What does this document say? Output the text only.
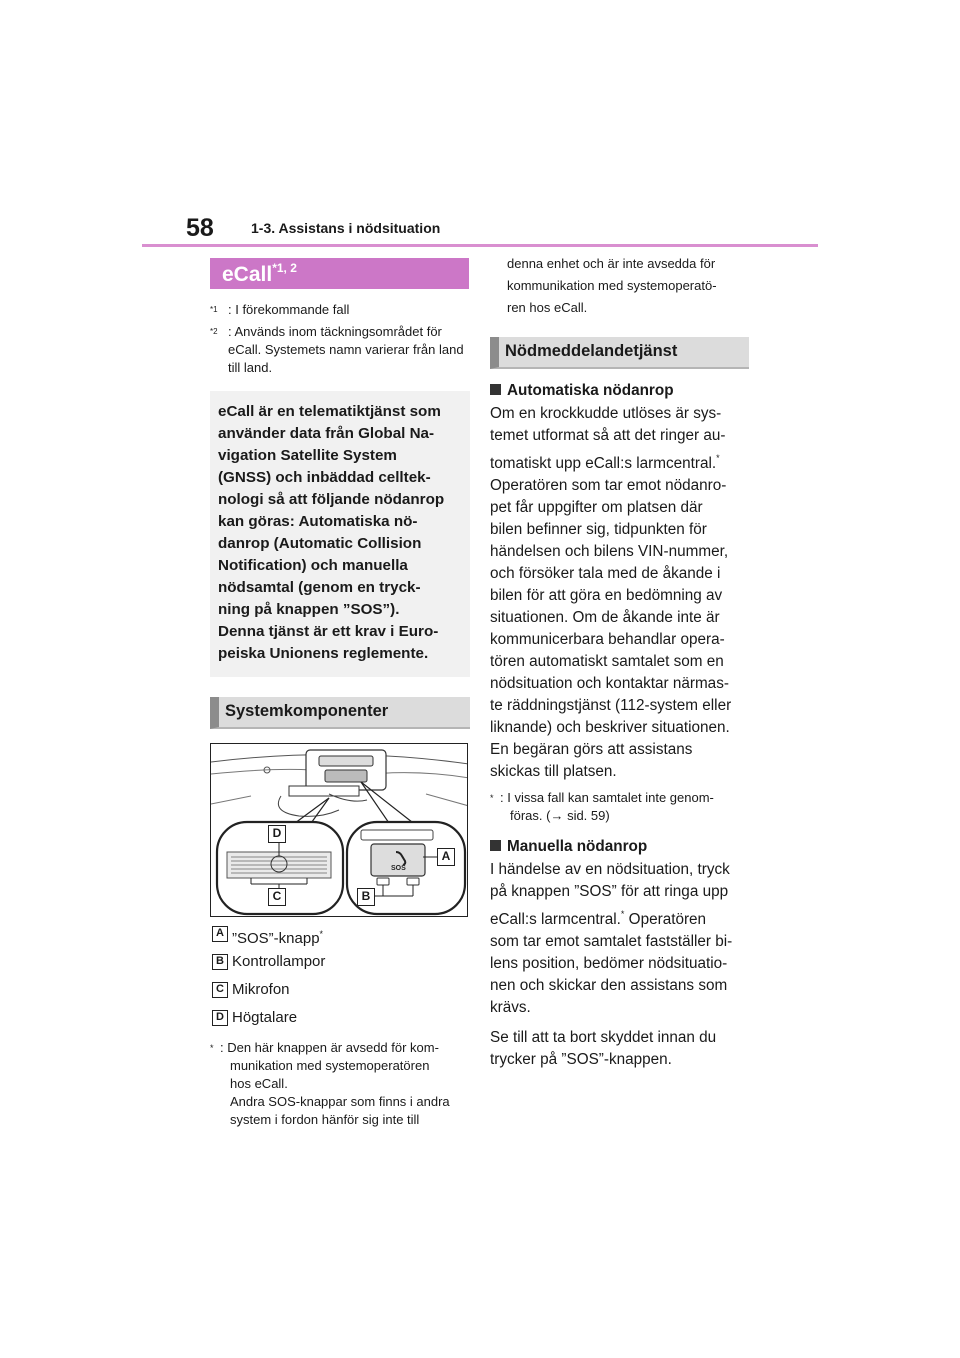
58	1-3. Assistans i nödsituation
eCall$^{*1, 2}$
$^{*1}$ : I förekommande fall
$^{*2}$ : Används inom täckningsområdet för eCall. Systemets namn varierar från land till land.
eCall är en telematiktjänst som
använder data från Global Na-
vigation Satellite System
(GNSS) och inbäddad celltek-
nologi så att följande nödanrop
kan göras: Automatiska nö-
danrop (Automatic Collision
Notification) och manuella
nödsamtal (genom en tryck-
ning på knappen ”SOS”).
Denna tjänst är ett krav i Euro-
peiska Unionens reglemente.
Systemkomponenter
SOS
D
C
A
B
A ”SOS”-knapp*
B Kontrollampor
C Mikrofon
D Högtalare
* : Den här knappen är avsedd för kom-
munikation med systemoperatören
hos eCall.
Andra SOS-knappar som finns i andra
system i fordon hänför sig inte till
denna enhet och är inte avsedda för
kommunikation med systemoperatö-
ren hos eCall.
Nödmeddelandetjänst
Automatiska nödanrop
Om en krockkudde utlöses är sys-
temet utformat så att det ringer au-
tomatiskt upp eCall:s larmcentral.*
Operatören som tar emot nödanro-
pet får uppgifter om platsen där
bilen befinner sig, tidpunkten för
händelsen och bilens VIN-nummer,
och försöker tala med de åkande i
bilen för att göra en bedömning av
situationen. Om de åkande inte är
kommunicerbara behandlar opera-
tören automatiskt samtalet som en
nödsituation och kontaktar närmas-
te räddningstjänst (112-system eller
liknande) och beskriver situationen.
En begäran görs att assistans
skickas till platsen.
* : I vissa fall kan samtalet inte genom-
föras. (→ sid. 59)
Manuella nödanrop
I händelse av en nödsituation, tryck
på knappen ”SOS” för att ringa upp
eCall:s larmcentral.* Operatören
som tar emot samtalet fastställer bi-
lens position, bedömer nödsituatio-
nen och skickar den assistans som
krävs.
Se till att ta bort skyddet innan du
trycker på ”SOS”-knappen.
